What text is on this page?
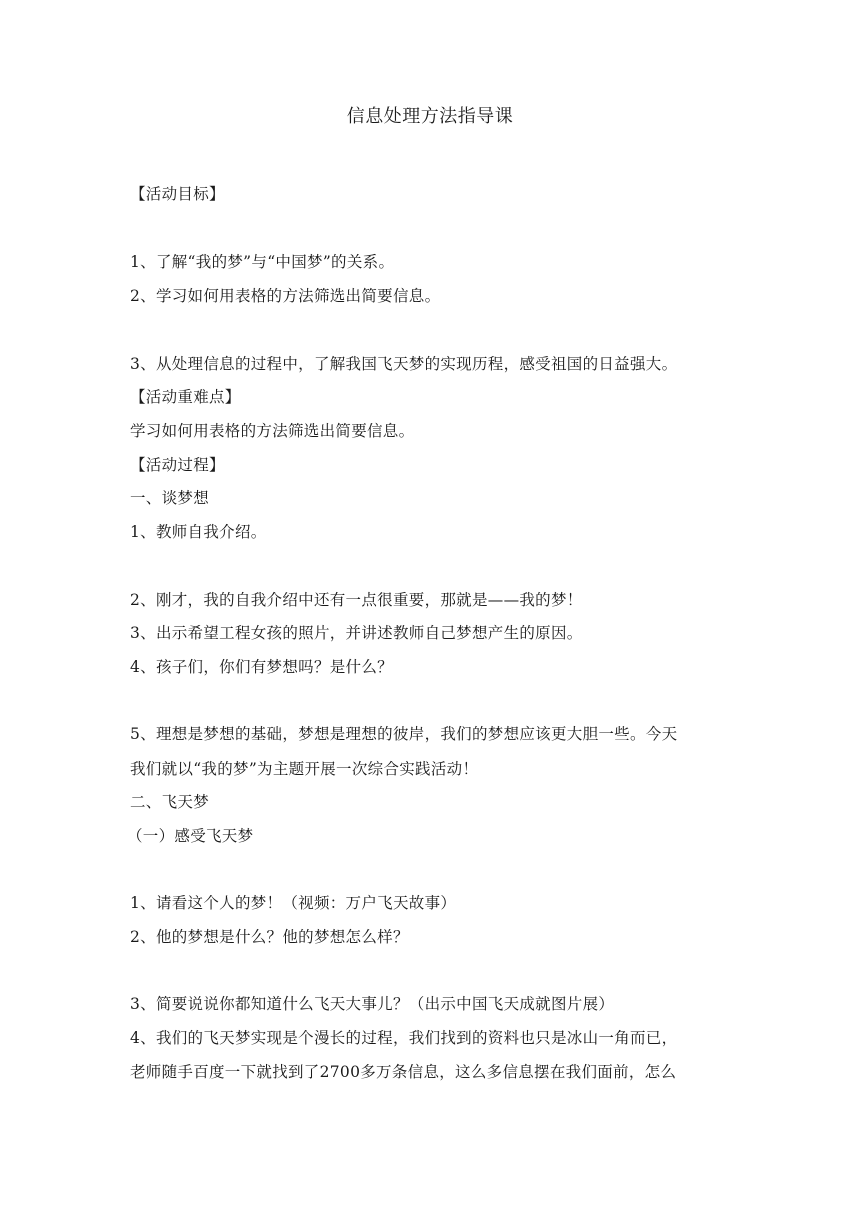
信息处理方法指导课
【活动目标】
1、了解“我的梦”与“中国梦”的关系。
2、学习如何用表格的方法筛选出简要信息。
3、从处理信息的过程中，了解我国飞天梦的实现历程，感受祖国的日益强大。
【活动重难点】
学习如何用表格的方法筛选出简要信息。
【活动过程】
一、谈梦想
1、教师自我介绍。
2、刚才，我的自我介绍中还有一点很重要，那就是——我的梦！
3、出示希望工程女孩的照片，并讲述教师自己梦想产生的原因。
4、孩子们，你们有梦想吗？是什么？
5、理想是梦想的基础，梦想是理想的彼岸，我们的梦想应该更大胆一些。今天
我们就以“我的梦”为主题开展一次综合实践活动！
二、飞天梦
（一）感受飞天梦
1、请看这个人的梦！（视频：万户飞天故事）
2、他的梦想是什么？他的梦想怎么样？
3、简要说说你都知道什么飞天大事儿？（出示中国飞天成就图片展）
4、我们的飞天梦实现是个漫长的过程，我们找到的资料也只是冰山一角而已，
老师随手百度一下就找到了2700多万条信息，这么多信息摆在我们面前，怎么
